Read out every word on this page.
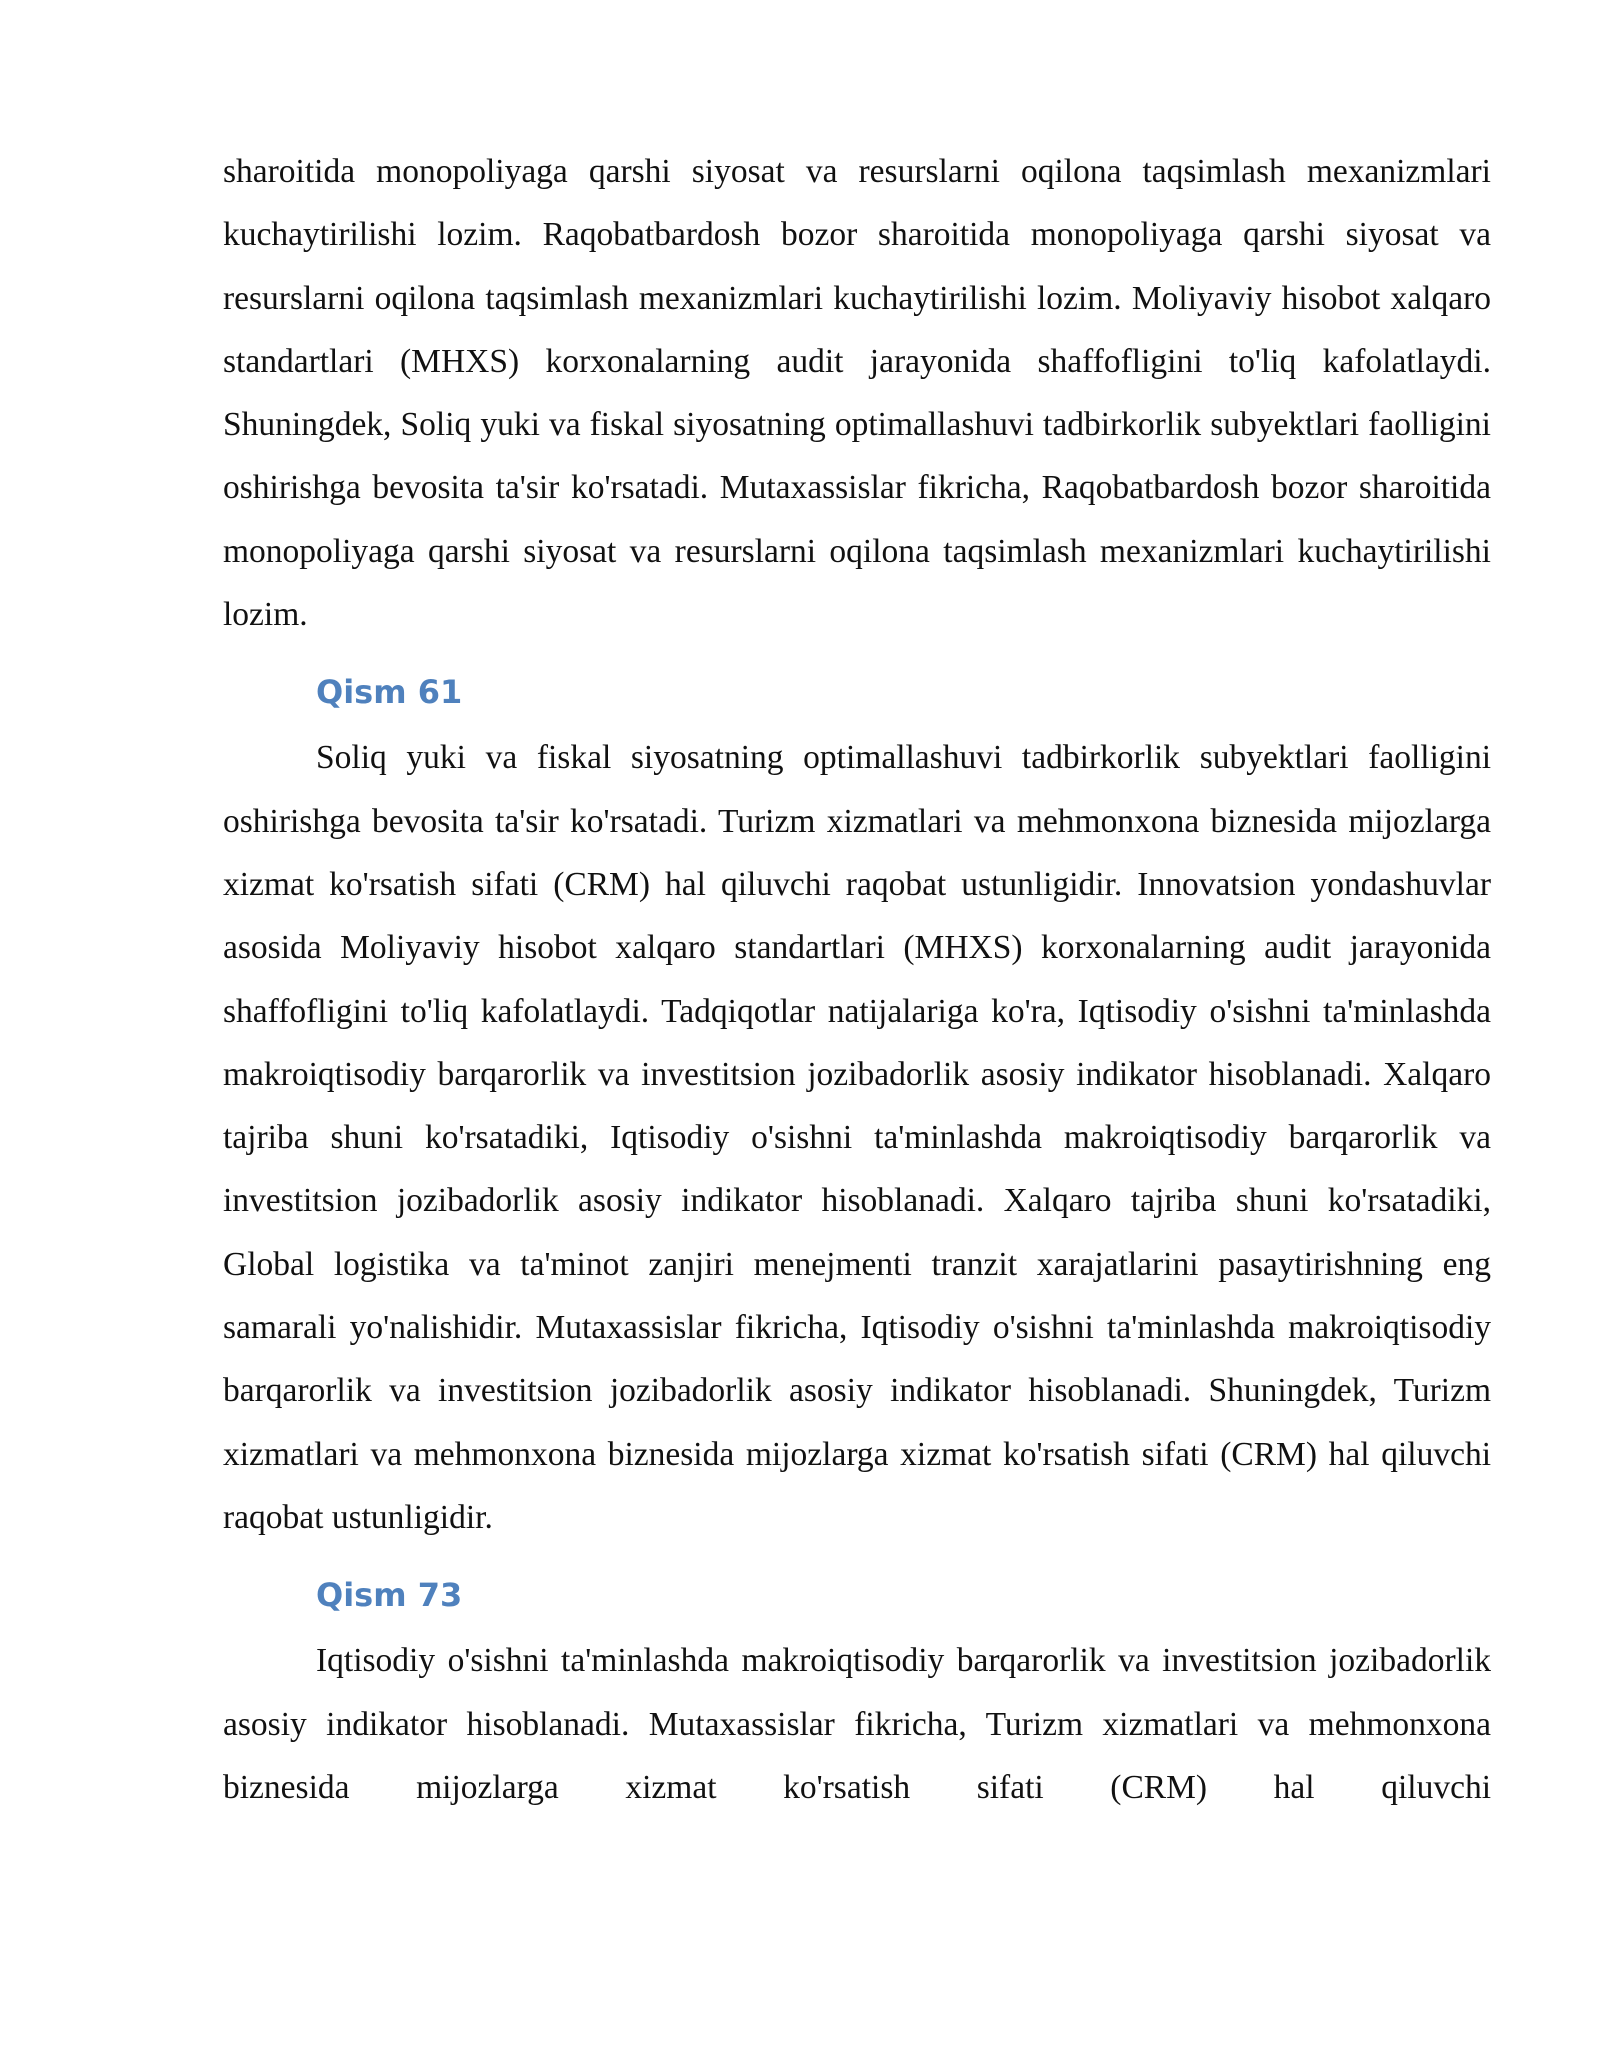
sharoitida monopoliyaga qarshi siyosat va resurslarni oqilona taqsimlash mexanizmlari kuchaytirilishi lozim. Raqobatbardosh bozor sharoitida monopoliyaga qarshi siyosat va resurslarni oqilona taqsimlash mexanizmlari kuchaytirilishi lozim. Moliyaviy hisobot xalqaro standartlari (MHXS) korxonalarning audit jarayonida shaffofligini to'liq kafolatlaydi. Shuningdek, Soliq yuki va fiskal siyosatning optimallashuvi tadbirkorlik subyektlari faolligini oshirishga bevosita ta'sir ko'rsatadi. Mutaxassislar fikricha, Raqobatbardosh bozor sharoitida monopoliyaga qarshi siyosat va resurslarni oqilona taqsimlash mexanizmlari kuchaytirilishi lozim.

Qism 61

Soliq yuki va fiskal siyosatning optimallashuvi tadbirkorlik subyektlari faolligini oshirishga bevosita ta'sir ko'rsatadi. Turizm xizmatlari va mehmonxona biznesida mijozlarga xizmat ko'rsatish sifati (CRM) hal qiluvchi raqobat ustunligidir. Innovatsion yondashuvlar asosida Moliyaviy hisobot xalqaro standartlari (MHXS) korxonalarning audit jarayonida shaffofligini to'liq kafolatlaydi. Tadqiqotlar natijalariga ko'ra, Iqtisodiy o'sishni ta'minlashda makroiqtisodiy barqarorlik va investitsion jozibadorlik asosiy indikator hisoblanadi. Xalqaro tajriba shuni ko'rsatadiki, Iqtisodiy o'sishni ta'minlashda makroiqtisodiy barqarorlik va investitsion jozibadorlik asosiy indikator hisoblanadi. Xalqaro tajriba shuni ko'rsatadiki, Global logistika va ta'minot zanjiri menejmenti tranzit xarajatlarini pasaytirishning eng samarali yo'nalishidir. Mutaxassislar fikricha, Iqtisodiy o'sishni ta'minlashda makroiqtisodiy barqarorlik va investitsion jozibadorlik asosiy indikator hisoblanadi. Shuningdek, Turizm xizmatlari va mehmonxona biznesida mijozlarga xizmat ko'rsatish sifati (CRM) hal qiluvchi raqobat ustunligidir.

Qism 73

Iqtisodiy o'sishni ta'minlashda makroiqtisodiy barqarorlik va investitsion jozibadorlik asosiy indikator hisoblanadi. Mutaxassislar fikricha, Turizm xizmatlari va mehmonxona biznesida mijozlarga xizmat ko'rsatish sifati (CRM) hal qiluvchi
